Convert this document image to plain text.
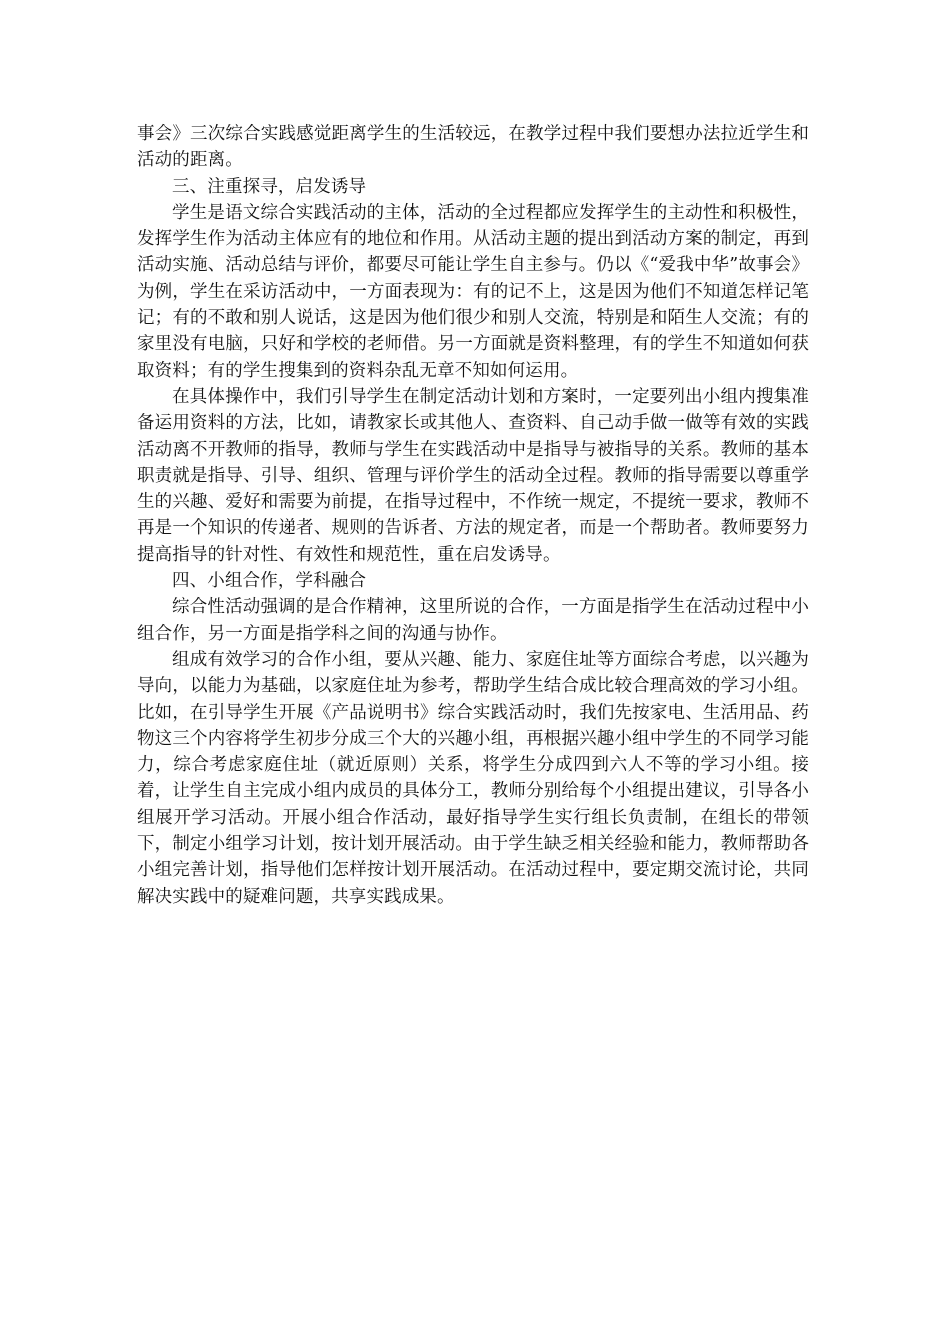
事会》三次综合实践感觉距离学生的生活较远，在教学过程中我们要想办法拉近学生和活动的距离。

三、注重探寻，启发诱导

学生是语文综合实践活动的主体，活动的全过程都应发挥学生的主动性和积极性，发挥学生作为活动主体应有的地位和作用。从活动主题的提出到活动方案的制定，再到活动实施、活动总结与评价，都要尽可能让学生自主参与。仍以《“爱我中华”故事会》为例，学生在采访活动中，一方面表现为：有的记不上，这是因为他们不知道怎样记笔记；有的不敢和别人说话，这是因为他们很少和别人交流，特别是和陌生人交流；有的家里没有电脑，只好和学校的老师借。另一方面就是资料整理，有的学生不知道如何获取资料；有的学生搜集到的资料杂乱无章不知如何运用。

在具体操作中，我们引导学生在制定活动计划和方案时，一定要列出小组内搜集准备运用资料的方法，比如，请教家长或其他人、查资料、自己动手做一做等有效的实践活动离不开教师的指导，教师与学生在实践活动中是指导与被指导的关系。教师的基本职责就是指导、引导、组织、管理与评价学生的活动全过程。教师的指导需要以尊重学生的兴趣、爱好和需要为前提，在指导过程中，不作统一规定，不提统一要求，教师不再是一个知识的传递者、规则的告诉者、方法的规定者，而是一个帮助者。教师要努力提高指导的针对性、有效性和规范性，重在启发诱导。

四、小组合作，学科融合

综合性活动强调的是合作精神，这里所说的合作，一方面是指学生在活动过程中小组合作，另一方面是指学科之间的沟通与协作。

组成有效学习的合作小组，要从兴趣、能力、家庭住址等方面综合考虑，以兴趣为导向，以能力为基础，以家庭住址为参考，帮助学生结合成比较合理高效的学习小组。比如，在引导学生开展《产品说明书》综合实践活动时，我们先按家电、生活用品、药物这三个内容将学生初步分成三个大的兴趣小组，再根据兴趣小组中学生的不同学习能力，综合考虑家庭住址（就近原则）关系，将学生分成四到六人不等的学习小组。接着，让学生自主完成小组内成员的具体分工，教师分别给每个小组提出建议，引导各小组展开学习活动。开展小组合作活动，最好指导学生实行组长负责制，在组长的带领下，制定小组学习计划，按计划开展活动。由于学生缺乏相关经验和能力，教师帮助各小组完善计划，指导他们怎样按计划开展活动。在活动过程中，要定期交流讨论，共同解决实践中的疑难问题，共享实践成果。
